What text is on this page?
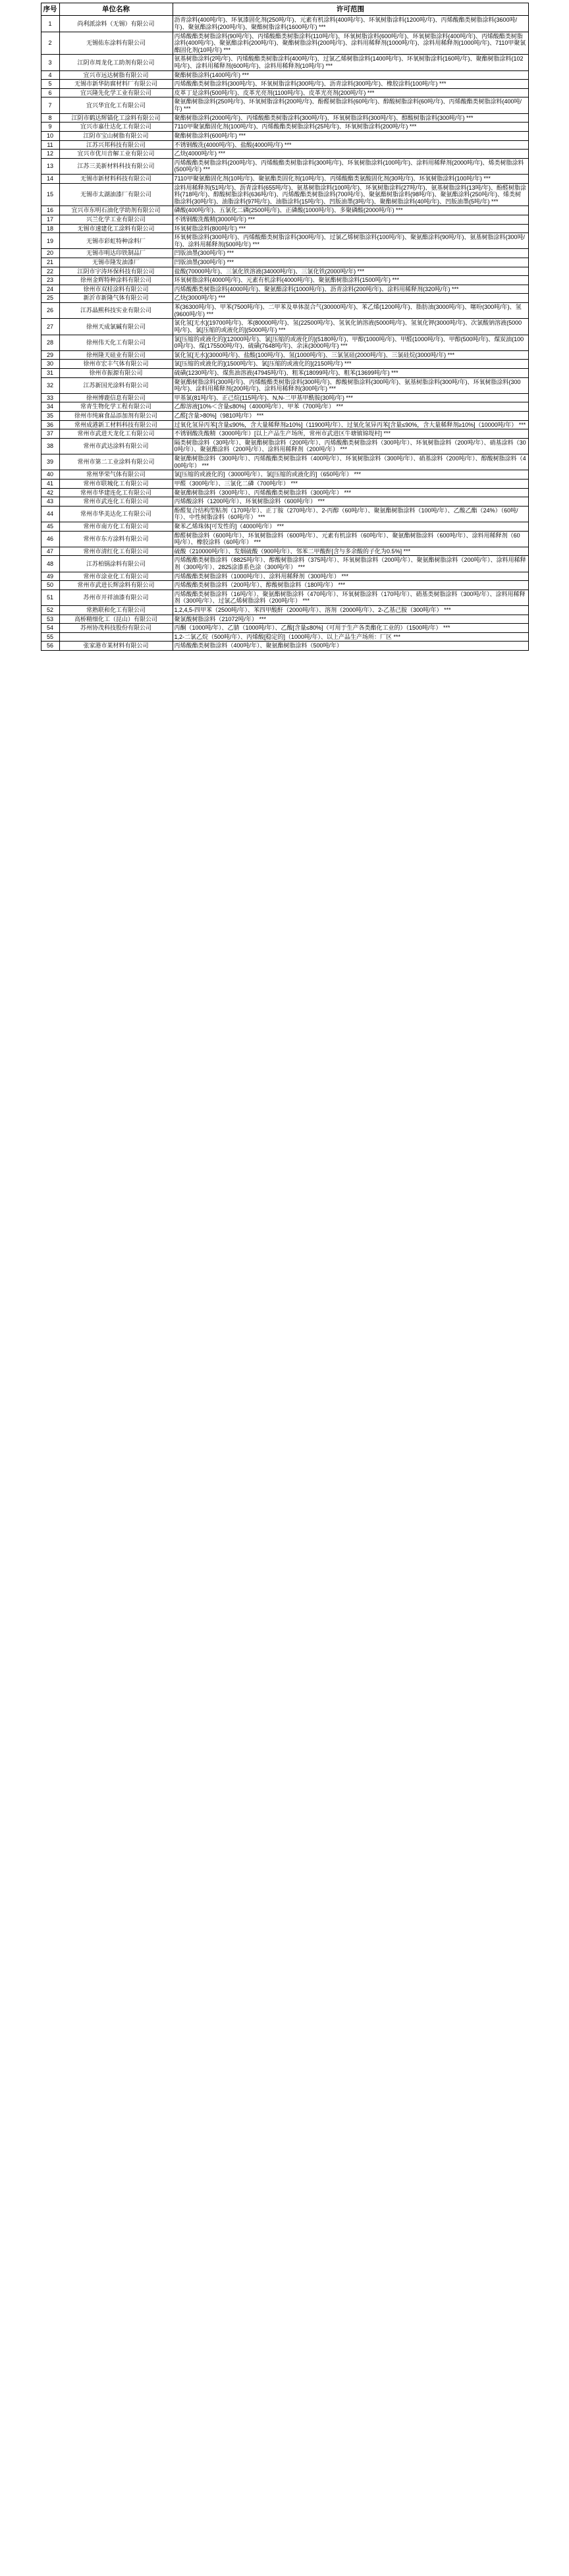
序号	单位名称	许可范围
1	尚利派涂料（无锡）有限公司	沥青涂料(400吨/年)、环氧漆固化剂(250吨/年)、元素有机涂料(400吨/年)、环氧树脂涂料(1200吨/年)、丙烯酸酯类树脂涂料(3600吨/年)、聚氨酯涂料(200吨/年)、聚酯树脂涂料(1600吨/年) ***
2	无锡佑东涂料有限公司	丙烯酸酯类树脂涂料(90吨/年)、丙烯酸酯类树脂涂料(110吨/年)、环氧树脂涂料(600吨/年)、环氧树脂涂料(400吨/年)、丙烯酸酯类树脂涂料(400吨/年)、聚氨酯涂料(200吨/年)、聚酯树脂涂料(200吨/年)、涂料用稀释剂(1000吨/年)、涂料用稀释剂(1000吨/年)、7110甲聚氯酯固化剂(10吨/年) ***
3	江阴市周龙化工助剂有限公司	氨基树脂涂料(2吨/年)、丙烯酸酯类树脂涂料(400吨/年)、过氯乙烯树脂涂料(1400吨/年)、环氧树脂涂料(160吨/年)、聚酯树脂涂料(102吨/年)、涂料用稀释剂(600吨/年)、涂料用稀释剂(10吨/年) ***
4	宜兴市远达树脂有限公司	聚酯树脂涂料(1400吨/年) ***
5	无锡市新华防腐材料厂有限公司	丙烯酸酯类树脂涂料(300吨/年)、环氧树脂涂料(300吨/年)、沥青涂料(300吨/年)、橡胶涂料(100吨/年) ***
6	宜兴隆先化学工业有限公司	皮革丁是涂料(500吨/年)、皮革光亮剂(1100吨/年)、皮革光亮剂(200吨/年) ***
7	宜兴华宜化工有限公司	聚氨酯树脂涂料(250吨/年)、环氧树脂涂料(200吨/年)、酚醛树脂涂料(60吨/年)、醇酸树脂涂料(60吨/年)、丙烯酸酯类树脂涂料(400吨/年) ***
8	江阴市鹤达辉锚化工涂料有限公司	聚酯树脂涂料(2000吨/年)、丙烯酸酯类树脂涂料(300吨/年)、环氧树脂涂料(300吨/年)、醇酸树脂涂料(300吨/年) ***
9	宜兴市嘉仕达化工有限公司	7110甲聚氯酯固化剂(100吨/年)、丙烯酸酯类树脂涂料(25吨/年)、环氧树脂涂料(200吨/年) ***
10	江阴市宝山树脂有限公司	聚酯树脂涂料(600吨/年) ***
11	江苏兴邦科技有限公司	不锈钢酸洗(4000吨/年)、盐酸(4000吨/年) ***
12	宜兴市优川音解工业有限公司	乙炔(4000吨/年) ***
13	江苏三美新材料科技有限公司	丙烯酸酯类树脂涂料(200吨/年)、丙烯酸酯类树脂涂料(300吨/年)、环氧树脂涂料(100吨/年)、涂料用稀释剂(2000吨/年)、烯类树脂涂料(500吨/年) ***
14	无锡市新材料科技有限公司	7110甲聚氨酯固化剂(10吨/年)、聚氨酯类固化剂(10吨/年)、丙烯酸酯类氨酸固化剂(30吨/年)、环氧树脂涂料(100吨/年) ***
15	无锡市太湖油漆厂有限公司	涂料用稀释剂(51吨/年)、沥青涂料(655吨/年)、氨基树脂涂料(100吨/年)、环氧树脂涂料(27吨/年)、氨基树脂涂料(13吨/年)、酚醛树脂涂料(718吨/年)、醇酸树脂涂料(636吨/年)、丙烯酸酯类树脂涂料(700吨/年)、聚氨酯树脂涂料(98吨/年)、聚氨酯涂料(250吨/年)、烯类树脂涂料(30吨/年)、油脂涂料(97吨/年)、油脂涂料(15吨/年)、凹版油墨(3吨/年)、聚酯树脂涂料(40吨/年)、凹版油墨(5吨/年) ***
16	宜兴市东明石油化学助剂有限公司	磷酸(400吨/年)、五氯化二磷(2500吨/年)、正磷酸(1000吨/年)、多聚磷酸(2000吨/年) ***
17	兴兰化学工业有限公司	不锈钢酸洗酸精(3000吨/年) ***
18	无锡市速建化工涂料有限公司	环氧树脂涂料(800吨/年) ***
19	无锡市彩虹特种涂料厂	环氧树脂涂料(300吨/年)、丙烯酸酯类树脂涂料(300吨/年)、过氯乙烯树脂涂料(100吨/年)、聚氨酯涂料(90吨/年)、氨基树脂涂料(300吨/年)、涂料用稀释剂(500吨/年) ***
20	无锡市明达印铁制品厂	凹版油墨(300吨/年) ***
21	无锡市隆发油漆厂	凹版油墨(300吨/年) ***
22	江阴市宇涛环保科技有限公司	盐酸(70000吨/年)、三氯化铁溶液(34000吨/年)、三氯化铁(2000吨/年) ***
23	徐州金辉特种涂料有限公司	环氧树脂涂料(4000吨/年)、元素有机涂料(4000吨/年)、聚氨酯树脂涂料(1500吨/年) ***
24	徐州市双桂涂料有限公司	丙烯酸酯类树脂涂料(4000吨/年)、聚氨酯涂料(1000吨/年)、沥青涂料(200吨/年)、涂料用稀释剂(320吨/年) ***
25	新沂市新隆气体有限公司	乙炔(3000吨/年) ***
26	江苏晶熙科技实业有限公司	苯(36300吨/年)、甲苯(7500吨/年)、二甲苯及单体混合气(30000吨/年)、苯乙烯(1200吨/年)、脂肪油(3000吨/年)、噻吩(300吨/年)、氢(9600吨/年) ***
27	徐州天成氯碱有限公司	氯化氢[无水](19700吨/年)、苯(80000吨/年)、氢(22500吨/年)、氢氧化钠溶液(5000吨/年)、氢氧化钾(3000吨/年)、次氯酸钠溶液(5000吨/年)、氯[压缩的或液化的](5000吨/年) ***
28	徐州伟天化工有限公司	氯[压缩的或液化的](12000吨/年)、氯[压缩的或液化的](5180吨/年)、甲醇(1000吨/年)、甲醛(1000吨/年)、甲醇(500吨/年)、煤炭油(1000吨/年)、煤(175500吨/年)、硫磺(7648吨/年)、余沫(3000吨/年) ***
29	徐州隆天硅业有限公司	氯化氢[无水](3000吨/年)、盐酸(100吨/年)、氢(1000吨/年)、三氯氢硅(2000吨/年)、三氯硅烷(3000吨/年) ***
30	徐州市宏丰气体有限公司	氯[压缩的或液化的](1500吨/年)、氯[压缩的或液化的](2150吨/年) ***
31	徐州市振源有限公司	硫磺(1230吨/年)、煤焦油溶液(47945吨/年)、粗苯(18099吨/年)、粗苯(13699吨/年) ***
32	江苏新国光涂料有限公司	聚氨酯树脂涂料(300吨/年)、丙烯酸酯类树脂涂料(300吨/年)、醇酸树脂涂料(300吨/年)、氨基树脂涂料(300吨/年)、环氧树脂涂料(300吨/年)、涂料用稀释剂(200吨/年)、涂料用稀释剂(300吨/年) ***
33	徐州博鹿信息有限公司	甲基氯(81吨/年)、正己烷(115吨/年)、N,N-二甲基甲酰胺(30吨/年) ***
34	常青生物化学工程有限公司	乙醇溶液[10%＜含量≤80%]（4000吨/年）、甲苯（700吨/年） ***
35	徐州市纯麻食品添加剂有限公司	乙醛[含量>80%]（9810吨/年） ***
36	常州成港新工材料科技有限公司	过氧化氢异丙苯[含量≤90%，含大量稀释剂≥10%]（11900吨/年）、过氧化氢异丙苯[含量≤90%，含大量稀释剂≥10%]（10000吨/年） ***
37	常州市武进天龙化工有限公司	不锈钢酸洗酸精（3000吨/年）[以上产品生产场所，常州市武进区牛塘镇锦堤村] ***
38	常州市武达涂料有限公司	隔类树脂涂料（30吨/年）、聚氨酯树脂涂料（200吨/年）、丙烯酸酯类树脂涂料（300吨/年）、环氧树脂涂料（200吨/年）、硝基涂料（300吨/年）、聚氨酯涂料（200吨/年）、涂料用稀释剂（200吨/年） ***
39	常州市第二工业涂料有限公司	聚氨酯树脂涂料（300吨/年）、丙烯酸酯类树脂涂料（400吨/年）、环氧树脂涂料（300吨/年）、硝基涂料（200吨/年）、醇酸树脂涂料（400吨/年） ***
40	常州华荣气体有限公司	氯[压缩的或液化的]（3000吨/年）、氯[压缩的或液化的]（650吨/年） ***
41	常州市联城化工有限公司	甲醛（300吨/年）、三氯化二磷（700吨/年） ***
42	常州市华建连化工有限公司	聚氨酯树脂涂料（300吨/年）、丙烯酸酯类树脂涂料（300吨/年） ***
43	常州市武连化工有限公司	丙烯酸涂料（1200吨/年）、环氧树脂涂料（600吨/年） ***
44	常州市华美达化工有限公司	酚醛复合结构型粘剂（170吨/年）、正丁胺（270吨/年）、2-丙醇（60吨/年）、聚氨酯树脂涂料（100吨/年）、乙酸乙酯（24%）（60吨/年）、中性树脂涂料（60吨/年） ***
45	常州市南方化工有限公司	聚苯乙烯珠体[可发性的]（4000吨/年） ***
46	常州市东方涂料有限公司	醇醛树脂涂料（600吨/年）、环氧树脂涂料（600吨/年）、元素有机涂料（60吨/年）、聚氨酯树脂涂料（600吨/年）、涂料用稀释剂（60吨/年）、橡胶涂料（60吨/年） ***
47	常州市清红化工有限公司	硫酸（210000吨/年）、发烟硫酸（900吨/年）、邻苯二甲酸酐[含与多余酸的子化为0.5%] ***
48	江苏柏锅涂料有限公司	丙烯酸酯类树脂涂料（8825吨/年）、醇酸树脂涂料（375吨/年）、环氧树脂涂料（200吨/年）、聚氨酯树脂涂料（200吨/年）、涂料用稀释剂（300吨/年）、2825涂漆系色涂（300吨/年） ***
49	常州市涂业化工有限公司	丙烯酸酯类树脂涂料（1000吨/年）、涂料用稀释剂（300吨/年） ***
50	常州市武进长辉涂料有限公司	丙烯酸酯类树脂涂料（200吨/年）、醇酸树脂涂料（180吨/年） ***
51	苏州市开祥油漆有限公司	丙烯酸酯类树脂涂料（16吨/年）、聚氨酯树脂涂料（470吨/年）、环氧树脂涂料（170吨/年）、硝基类树脂涂料（300吨/年）、涂料用稀释剂（300吨/年）、过氯乙烯树脂涂料（200吨/年） ***
52	常熟联和化工有限公司	1,2,4,5-四甲苯（2500吨/年）、苯四甲酸酐（2000吨/年）、溶剂（2000吨/年）、2-乙基己胺（300吨/年） ***
53	高桥精细化工（昆山）有限公司	聚氯酸树脂涂料（21072吨/年） ***
54	苏州协茂科技股份有限公司	丙酮（1000吨/年）、乙腈（1000吨/年）、乙酸[含量≤80%]（可用于生产各类酯化工业的）（1500吨/年） ***
55		1,2-二氯乙烷（500吨/年）、丙烯酸[稳定的]（1000吨/年）、以上产品生产场所：厂区 ***
56	张家港市某材料有限公司	丙烯酸酯类树脂涂料（400吨/年）、聚氨酯树脂涂料（500吨/年）
